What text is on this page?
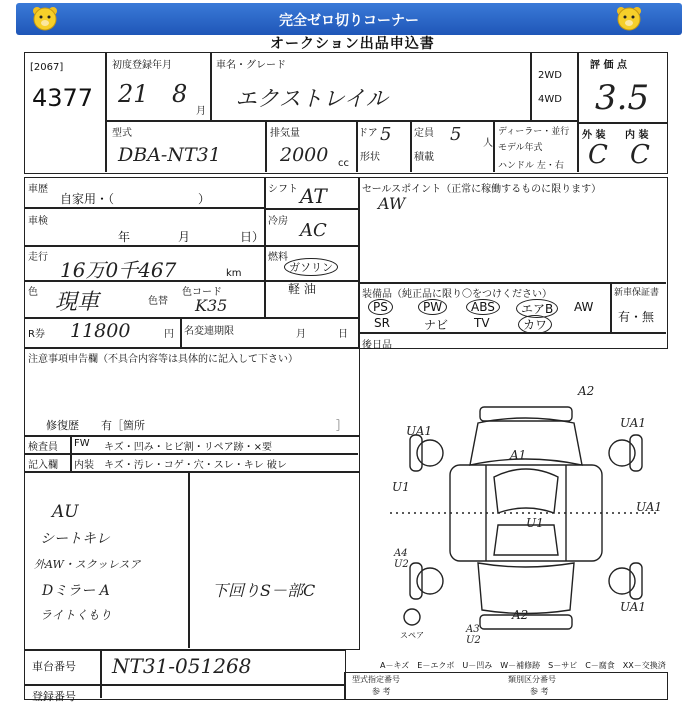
完全ゼロ切りコーナー
オークション出品申込書
[2067]
4377
初度登録年月
21 8
月
車名・グレード
エクストレイル
2WD
4WD
評 価 点
3.5
型式
DBA-NT31
排気量
2000 cc
ドア 5
形状
定員 5 人
積載
ディーラー・並行
モデル年式
ハンドル 左・右
外 装 内 装
C C
車歴
自家用・（　　　　　　　）
シフト AT
車検
年	月	日）
冷房 AC
走行
16万0千467	km
燃料
ガソリン
軽 油
色 現車	色替
色コード
K35
R券 11800	円 名変連期限	月	日
セールスポイント（正常に稼働するものに限ります）
AW
装備品（純正品に限り〇をつけください）
PS	PW	ABS	エアB	AW
SR	ナビ TV	カワ
新車保証書
有・無
後日品
注意事項申告欄（不具合内容等は具体的に記入して下さい）
修復歴　　有［箇所	］
検査員
記入欄
FW キズ・凹み・ヒビ割・リペア跡・×要
内装 キズ・汚レ・コゲ・穴・スレ・キレ 破レ
AU
シートキレ
外AW・スクッレスア
Dミラー A
ライトくもり
下回りS－部C
A2
UA1
UA1
A1
U1
U1
UA1
A4 U2
A2
UA1
A3 U2
スペア
A－キズ　E－エクボ　U－凹み　W－補修跡　S－サビ　C－腐食　XX－交換済
車台番号 NT31-051268
登録番号
型式指定番号
参 考
類別区分番号
参 考
